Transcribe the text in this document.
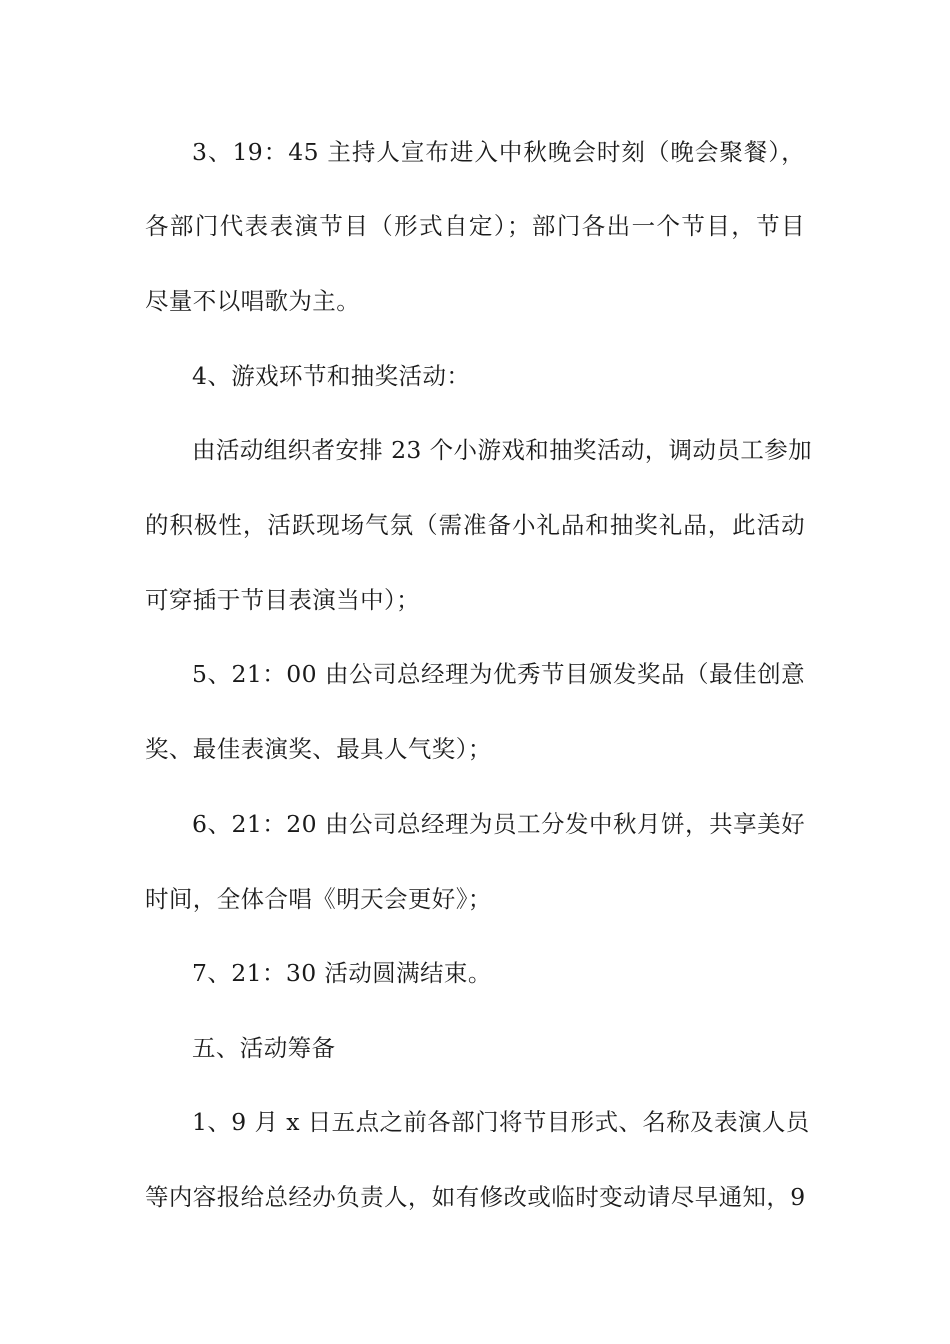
3、19：45 主持人宣布进入中秋晚会时刻（晚会聚餐），
各部门代表表演节目（形式自定）；部门各出一个节目，节目
尽量不以唱歌为主。
4、游戏环节和抽奖活动：
由活动组织者安排 23 个小游戏和抽奖活动，调动员工参加
的积极性，活跃现场气氛（需准备小礼品和抽奖礼品，此活动
可穿插于节目表演当中）；
5、21：00 由公司总经理为优秀节目颁发奖品（最佳创意
奖、最佳表演奖、最具人气奖）；
6、21：20 由公司总经理为员工分发中秋月饼，共享美好
时间，全体合唱《明天会更好》；
7、21：30 活动圆满结束。
五、活动筹备
1、9 月 x 日五点之前各部门将节目形式、名称及表演人员
等内容报给总经办负责人，如有修改或临时变动请尽早通知，9
